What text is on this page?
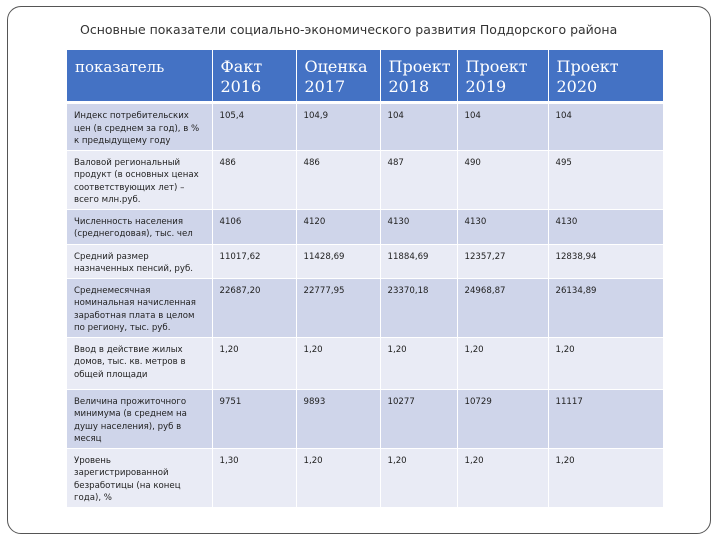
Основные показатели социально-экономического развития Поддорского района
показатель	Факт 2016	Оценка 2017	Проект 2018	Проект 2019	Проект 2020
Индекс потребительских цен (в среднем за год), в % к предыдущему году	105,4	104,9	104	104	104
Валовой региональный продукт (в основных ценах соответствующих лет) – всего млн.руб.	486	486	487	490	495
Численность населения (среднегодовая), тыс. чел	4106	4120	4130	4130	4130
Средний размер назначенных пенсий, руб.	11017,62	11428,69	11884,69	12357,27	12838,94
Среднемесячная номинальная начисленная заработная плата в целом по региону, тыс. руб.	22687,20	22777,95	23370,18	24968,87	26134,89
Ввод в действие жилых домов, тыс. кв. метров в общей площади	1,20	1,20	1,20	1,20	1,20
Величина прожиточного минимума (в среднем на душу населения), руб в месяц	9751	9893	10277	10729	11117
Уровень зарегистрированной безработицы (на конец года), %	1,30	1,20	1,20	1,20	1,20
